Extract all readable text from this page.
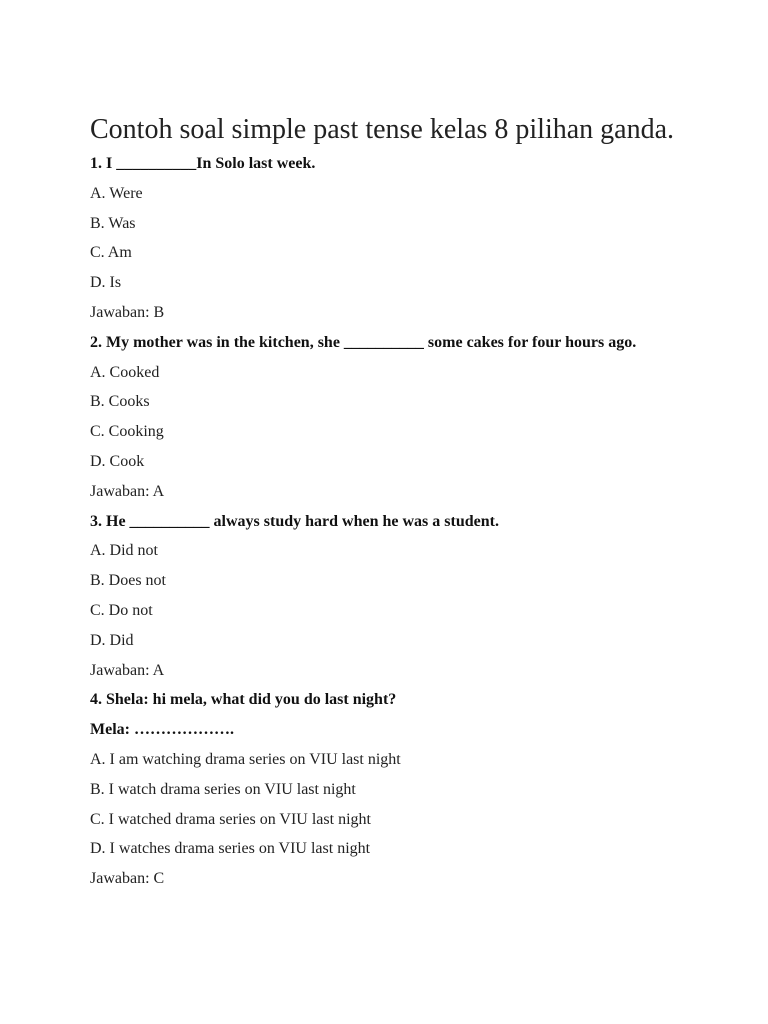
Contoh soal simple past tense kelas 8 pilihan ganda.
1. I __________In Solo last week.
A. Were
B. Was
C. Am
D. Is
Jawaban: B
2. My mother was in the kitchen, she __________ some cakes for four hours ago.
A. Cooked
B. Cooks
C. Cooking
D. Cook
Jawaban: A
3. He __________ always study hard when he was a student.
A. Did not
B. Does not
C. Do not
D. Did
Jawaban: A
4. Shela: hi mela, what did you do last night?
Mela: ……………….
A. I am watching drama series on VIU last night
B. I watch drama series on VIU last night
C. I watched drama series on VIU last night
D. I watches drama series on VIU last night
Jawaban: C
